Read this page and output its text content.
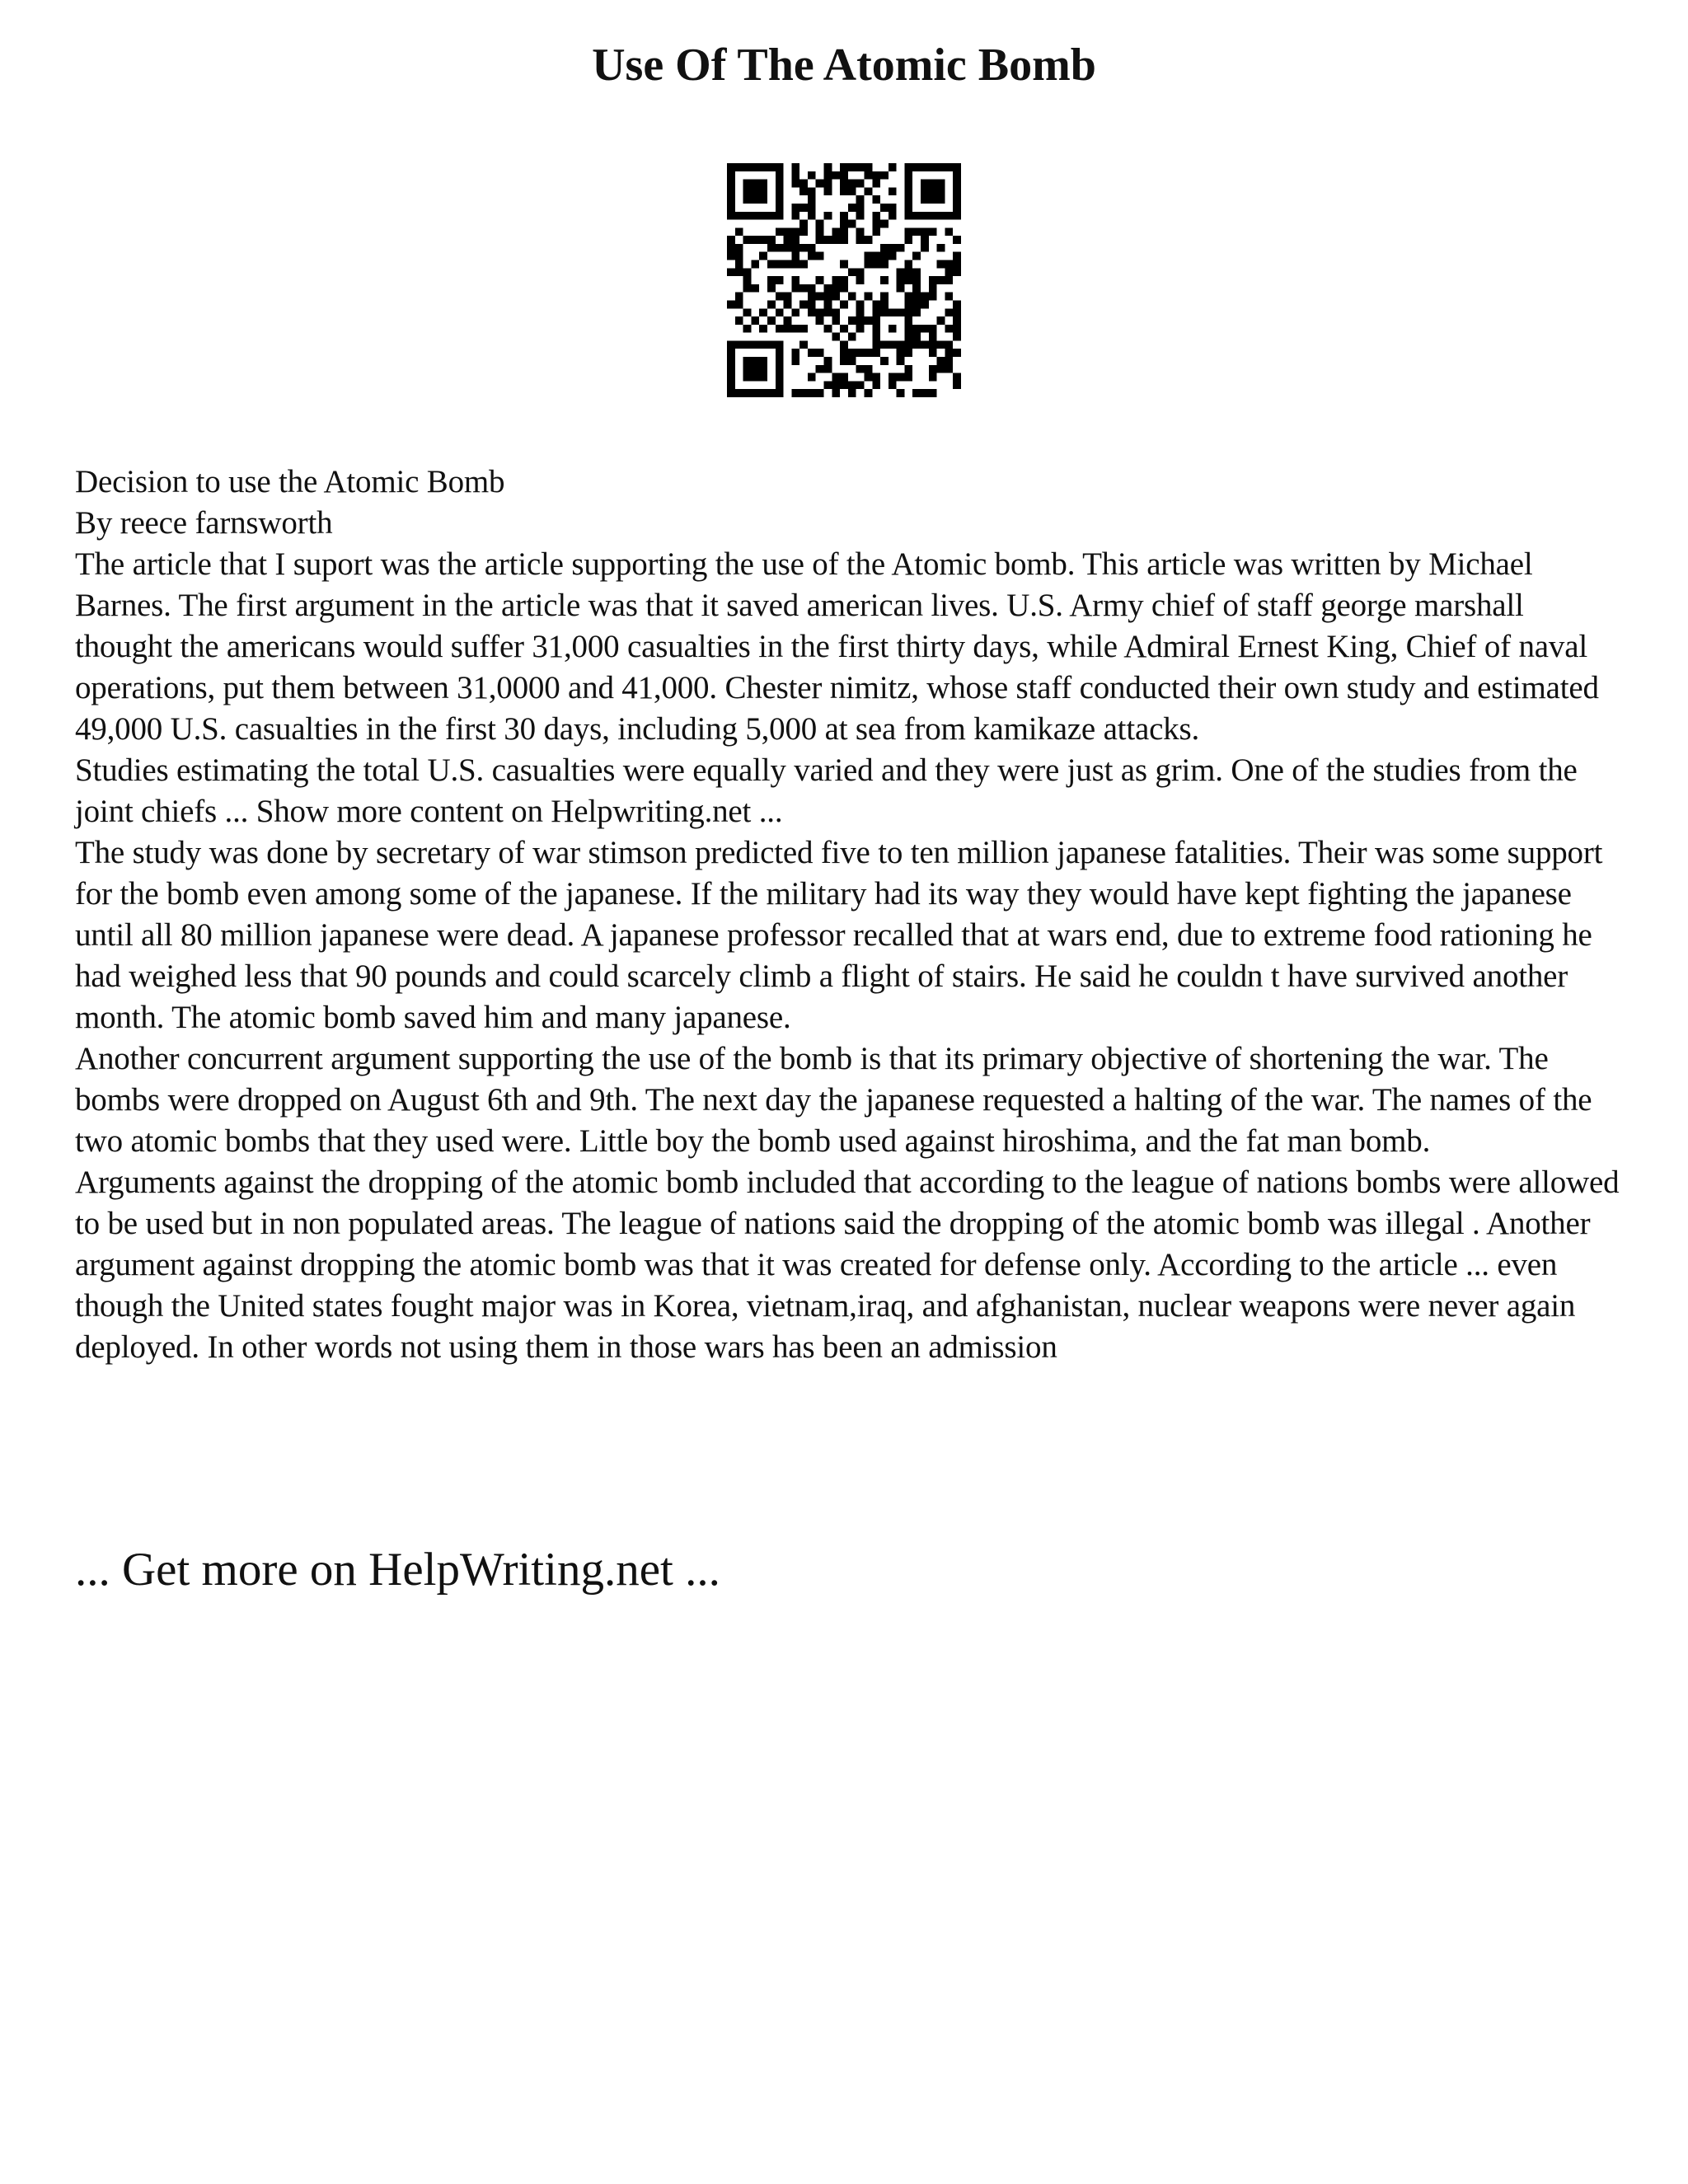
Use Of The Atomic Bomb

Decision to use the Atomic Bomb

By reece farnsworth

The article that I suport was the article supporting the use of the Atomic bomb. This article was written by Michael Barnes. The first argument in the article was that it saved american lives. U.S. Army chief of staff george marshall thought the americans would suffer 31,000 casualties in the first thirty days, while Admiral Ernest King, Chief of naval operations, put them between 31,0000 and 41,000. Chester nimitz, whose staff conducted their own study and estimated 49,000 U.S. casualties in the first 30 days, including 5,000 at sea from kamikaze attacks.

Studies estimating the total U.S. casualties were equally varied and they were just as grim. One of the studies from the joint chiefs ... Show more content on Helpwriting.net ...

The study was done by secretary of war stimson predicted five to ten million japanese fatalities. Their was some support for the bomb even among some of the japanese. If the military had its way they would have kept fighting the japanese until all 80 million japanese were dead. A japanese professor recalled that at wars end, due to extreme food rationing he had weighed less that 90 pounds and could scarcely climb a flight of stairs. He said he couldn t have survived another month. The atomic bomb saved him and many japanese.

Another concurrent argument supporting the use of the bomb is that its primary objective of shortening the war. The bombs were dropped on August 6th and 9th. The next day the japanese requested a halting of the war. The names of the two atomic bombs that they used were. Little boy the bomb used against hiroshima, and the fat man bomb.

Arguments against the dropping of the atomic bomb included that according to the league of nations bombs were allowed to be used but in non populated areas. The league of nations said the dropping of the atomic bomb was illegal . Another argument against dropping the atomic bomb was that it was created for defense only. According to the article ... even though the United states fought major was in Korea, vietnam,iraq, and afghanistan, nuclear weapons were never again deployed. In other words not using them in those wars has been an admission

... Get more on HelpWriting.net ...
